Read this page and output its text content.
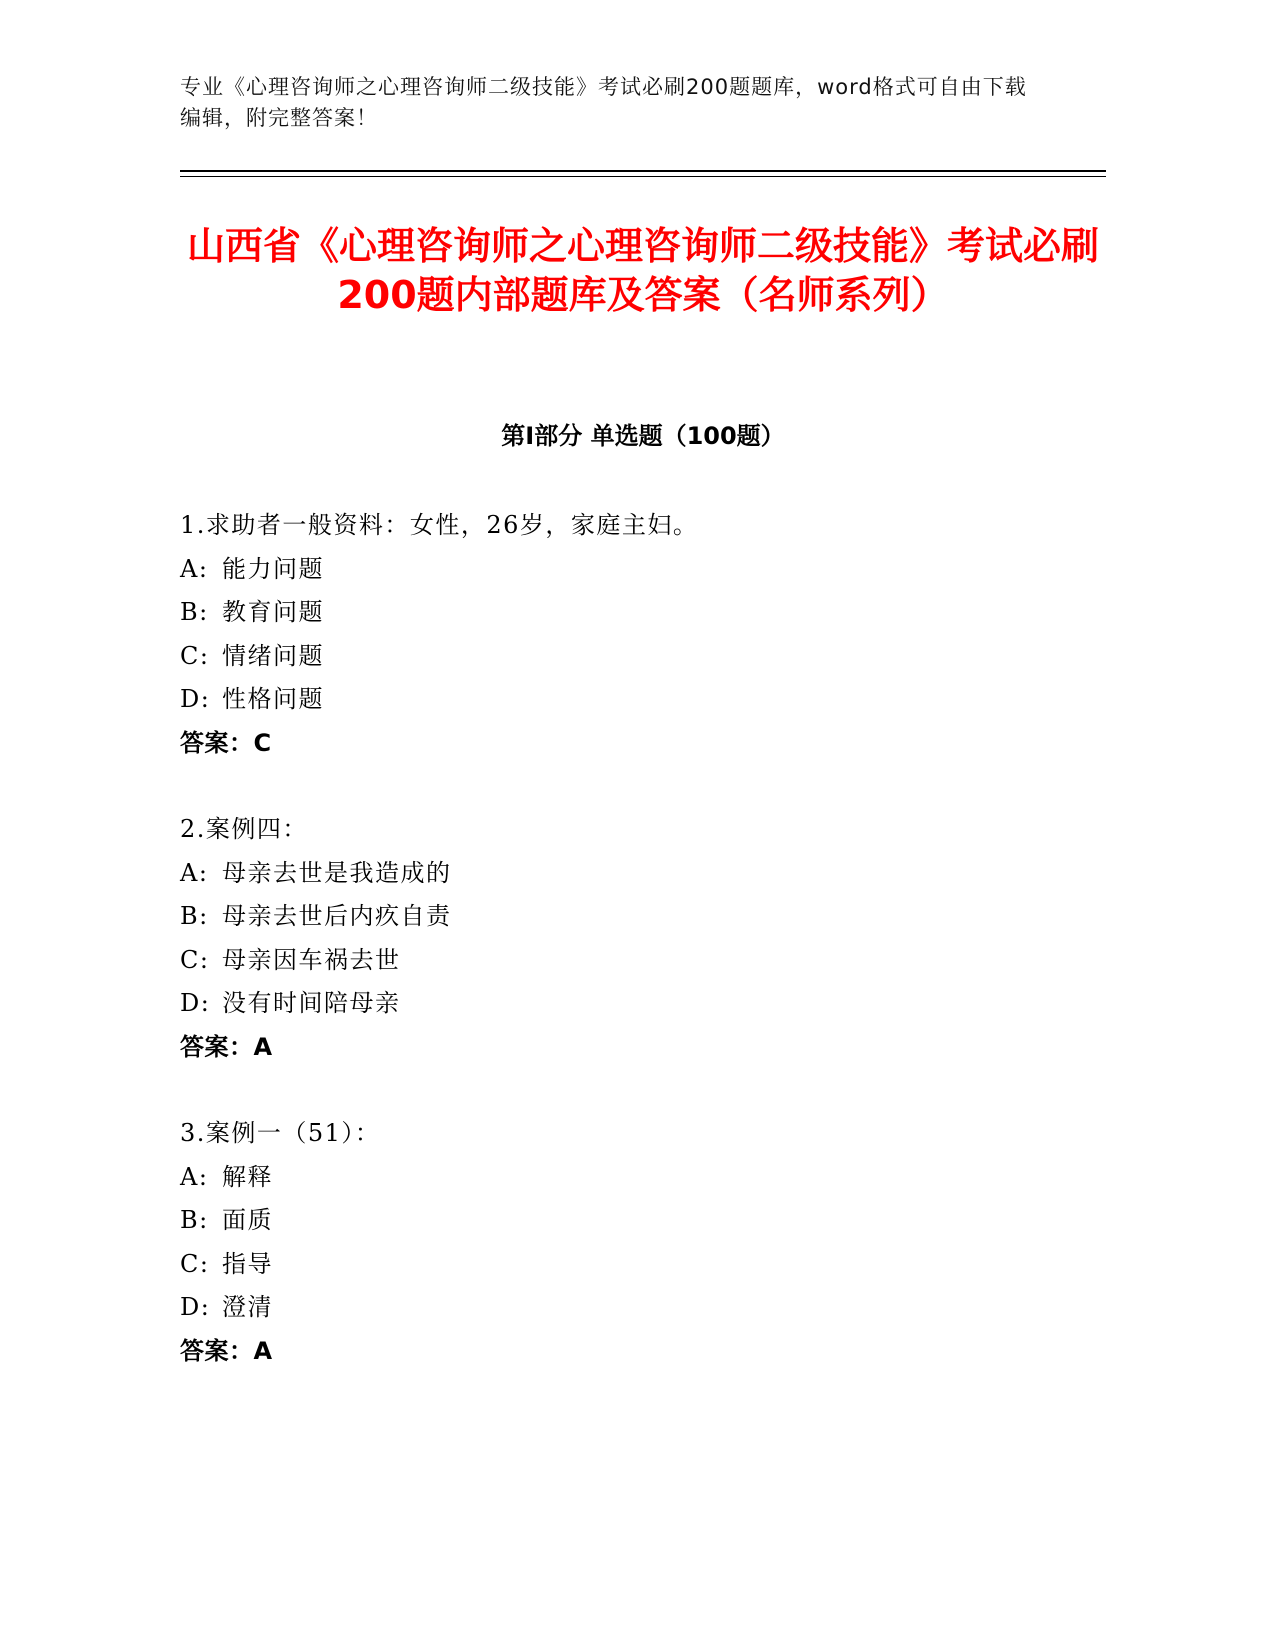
专业《心理咨询师之心理咨询师二级技能》考试必刷200题题库，word格式可自由下载编辑，附完整答案！
山西省《心理咨询师之心理咨询师二级技能》考试必刷200题内部题库及答案（名师系列）
第I部分 单选题（100题）
1.求助者一般资料：女性，26岁，家庭主妇。
A: 能力问题
B: 教育问题
C: 情绪问题
D: 性格问题
答案：C
2.案例四：
A: 母亲去世是我造成的
B: 母亲去世后内疚自责
C: 母亲因车祸去世
D: 没有时间陪母亲
答案：A
3.案例一（51）：
A: 解释
B: 面质
C: 指导
D: 澄清
答案：A
